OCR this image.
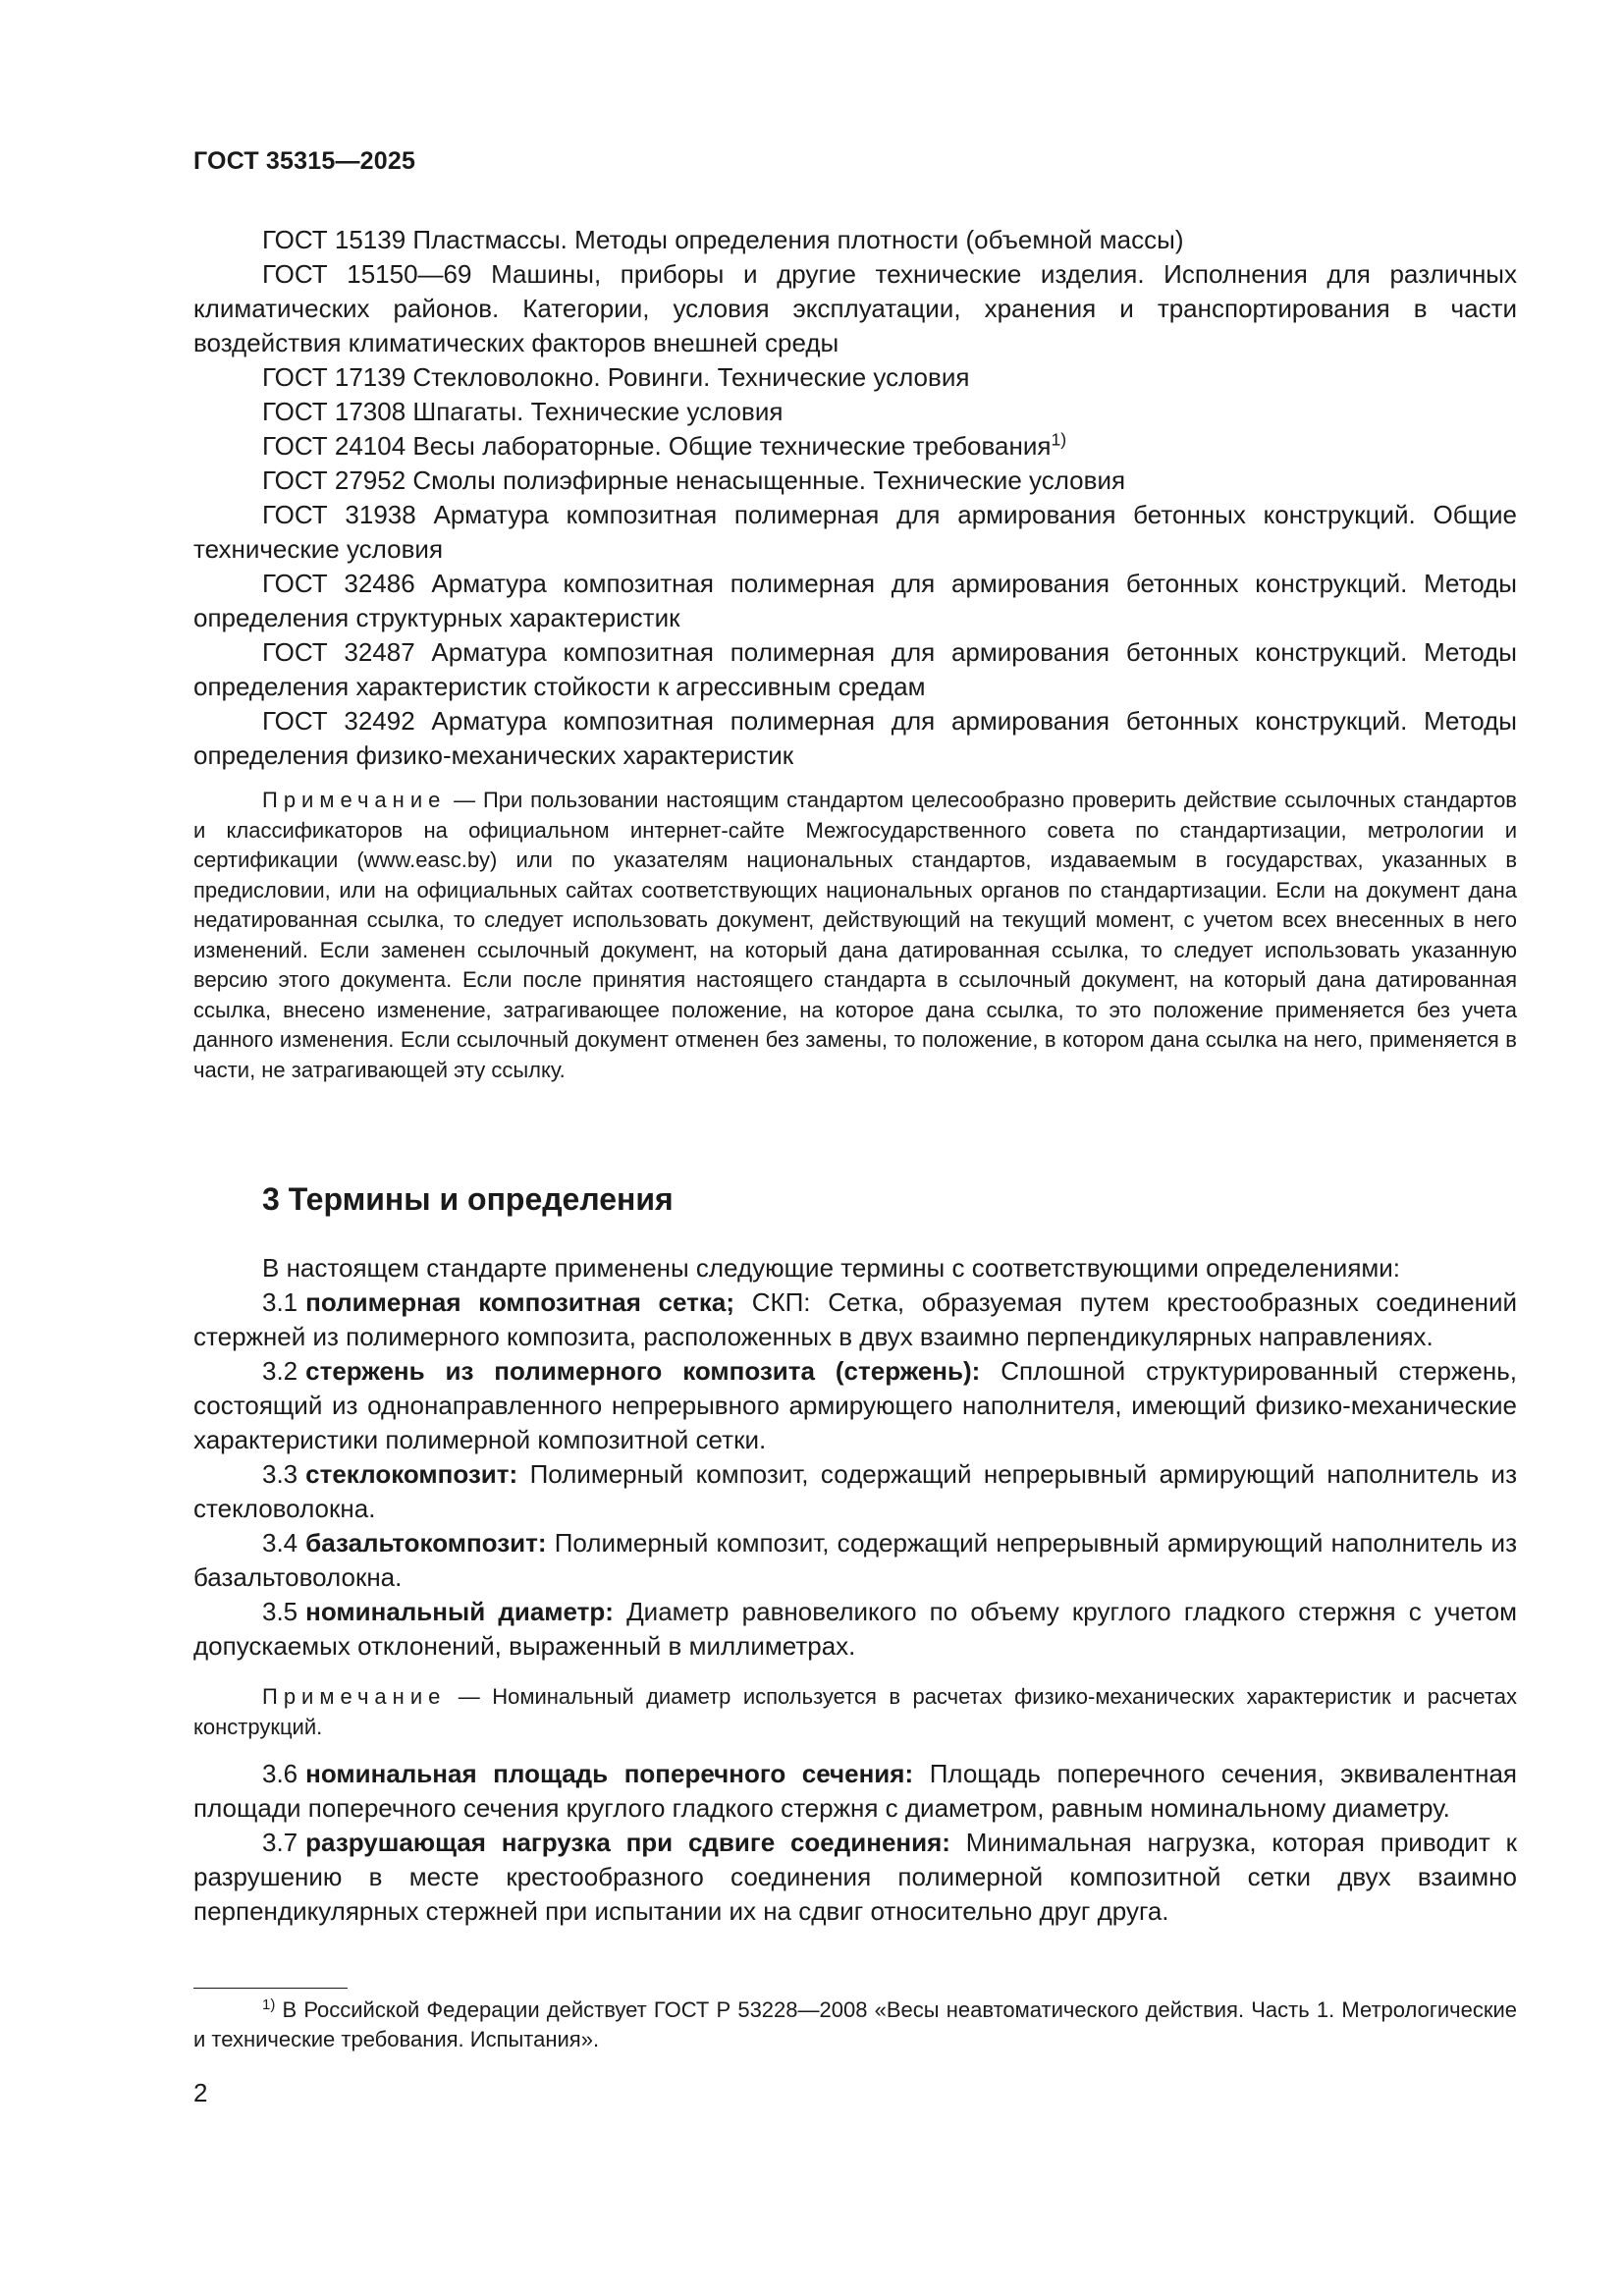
ГОСТ 35315—2025

ГОСТ 15139 Пластмассы. Методы определения плотности (объемной массы)

ГОСТ 15150—69 Машины, приборы и другие технические изделия. Исполнения для различных климатических районов. Категории, условия эксплуатации, хранения и транспортирования в части воздействия климатических факторов внешней среды

ГОСТ 17139 Стекловолокно. Ровинги. Технические условия

ГОСТ 17308 Шпагаты. Технические условия

ГОСТ 24104 Весы лабораторные. Общие технические требования$^{1)}$

ГОСТ 27952 Смолы полиэфирные ненасыщенные. Технические условия

ГОСТ 31938 Арматура композитная полимерная для армирования бетонных конструкций. Общие технические условия

ГОСТ 32486 Арматура композитная полимерная для армирования бетонных конструкций. Методы определения структурных характеристик

ГОСТ 32487 Арматура композитная полимерная для армирования бетонных конструкций. Методы определения характеристик стойкости к агрессивным средам

ГОСТ 32492 Арматура композитная полимерная для армирования бетонных конструкций. Методы определения физико-механических характеристик

Примечание — При пользовании настоящим стандартом целесообразно проверить действие ссылочных стандартов и классификаторов на официальном интернет-сайте Межгосударственного совета по стандартизации, метрологии и сертификации (www.easc.by) или по указателям национальных стандартов, издаваемым в государствах, указанных в предисловии, или на официальных сайтах соответствующих национальных органов по стандартизации. Если на документ дана недатированная ссылка, то следует использовать документ, действующий на текущий момент, с учетом всех внесенных в него изменений. Если заменен ссылочный документ, на который дана датированная ссылка, то следует использовать указанную версию этого документа. Если после принятия настоящего стандарта в ссылочный документ, на который дана датированная ссылка, внесено изменение, затрагивающее положение, на которое дана ссылка, то это положение применяется без учета данного изменения. Если ссылочный документ отменен без замены, то положение, в котором дана ссылка на него, применяется в части, не затрагивающей эту ссылку.

3 Термины и определения

В настоящем стандарте применены следующие термины с соответствующими определениями:

3.1 полимерная композитная сетка; СКП: Сетка, образуемая путем крестообразных соединений стержней из полимерного композита, расположенных в двух взаимно перпендикулярных направлениях.

3.2 стержень из полимерного композита (стержень): Сплошной структурированный стержень, состоящий из однонаправленного непрерывного армирующего наполнителя, имеющий физико-механические характеристики полимерной композитной сетки.

3.3 стеклокомпозит: Полимерный композит, содержащий непрерывный армирующий наполнитель из стекловолокна.

3.4 базальтокомпозит: Полимерный композит, содержащий непрерывный армирующий наполнитель из базальтоволокна.

3.5 номинальный диаметр: Диаметр равновеликого по объему круглого гладкого стержня с учетом допускаемых отклонений, выраженный в миллиметрах.

Примечание — Номинальный диаметр используется в расчетах физико-механических характеристик и расчетах конструкций.

3.6 номинальная площадь поперечного сечения: Площадь поперечного сечения, эквивалентная площади поперечного сечения круглого гладкого стержня с диаметром, равным номинальному диаметру.

3.7 разрушающая нагрузка при сдвиге соединения: Минимальная нагрузка, которая приводит к разрушению в месте крестообразного соединения полимерной композитной сетки двух взаимно перпендикулярных стержней при испытании их на сдвиг относительно друг друга.

$^{1)}$ В Российской Федерации действует ГОСТ Р 53228—2008 «Весы неавтоматического действия. Часть 1. Метрологические и технические требования. Испытания».

2
